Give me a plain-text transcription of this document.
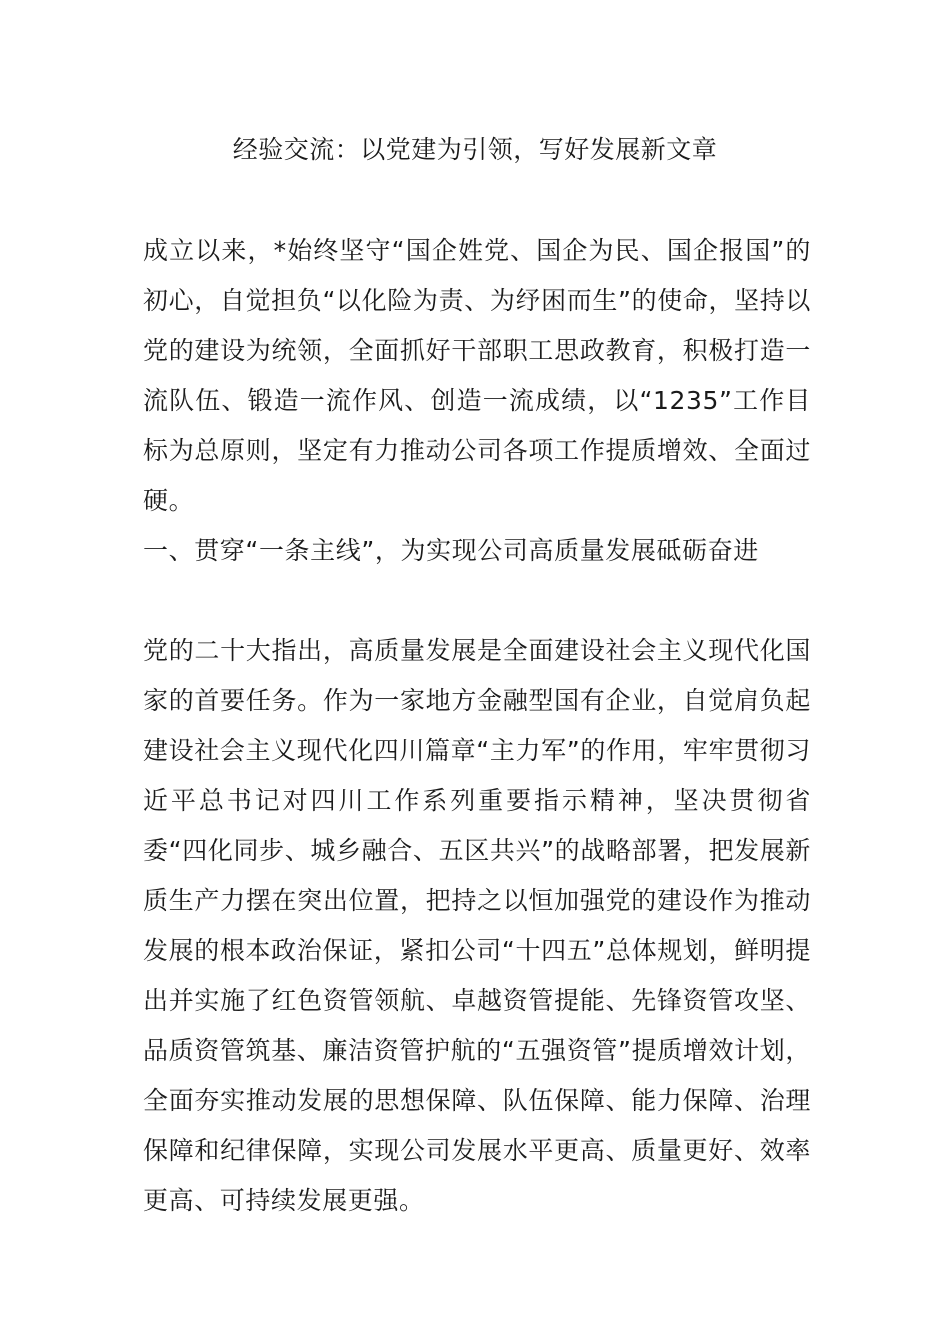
经验交流：以党建为引领，写好发展新文章

成立以来，*始终坚守“国企姓党、国企为民、国企报国”的初心，自觉担负“以化险为责、为纾困而生”的使命，坚持以党的建设为统领，全面抓好干部职工思政教育，积极打造一流队伍、锻造一流作风、创造一流成绩，以“1235”工作目标为总原则，坚定有力推动公司各项工作提质增效、全面过硬。

一、贯穿“一条主线”，为实现公司高质量发展砥砺奋进

党的二十大指出，高质量发展是全面建设社会主义现代化国家的首要任务。作为一家地方金融型国有企业，自觉肩负起建设社会主义现代化四川篇章“主力军”的作用，牢牢贯彻习近平总书记对四川工作系列重要指示精神，坚决贯彻省委“四化同步、城乡融合、五区共兴”的战略部署，把发展新质生产力摆在突出位置，把持之以恒加强党的建设作为推动发展的根本政治保证，紧扣公司“十四五”总体规划，鲜明提出并实施了红色资管领航、卓越资管提能、先锋资管攻坚、品质资管筑基、廉洁资管护航的“五强资管”提质增效计划，全面夯实推动发展的思想保障、队伍保障、能力保障、治理保障和纪律保障，实现公司发展水平更高、质量更好、效率更高、可持续发展更强。
